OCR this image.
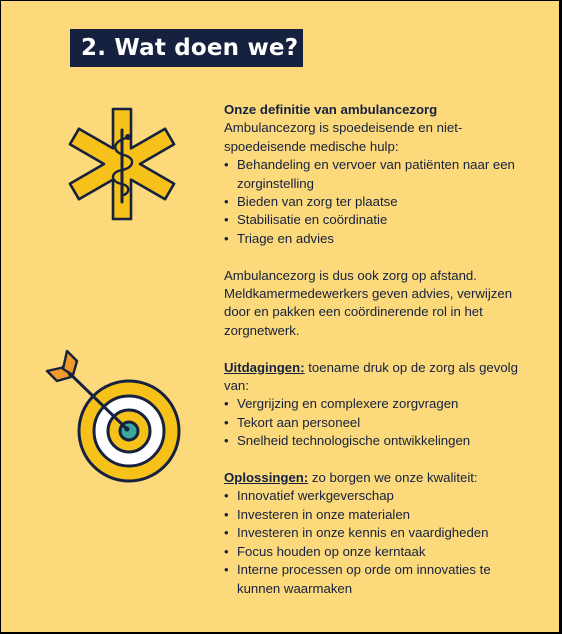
2. Wat doen we?

Onze definitie van ambulancezorg

Ambulancezorg is spoedeisende en niet-spoedeisende medische hulp:

• Behandeling en vervoer van patiënten naar een zorginstelling
• Bieden van zorg ter plaatse
• Stabilisatie en coördinatie
• Triage en advies

Ambulancezorg is dus ook zorg op afstand. Meldkamermedewerkers geven advies, verwijzen door en pakken een coördinerende rol in het zorgnetwerk.

Uitdagingen: toename druk op de zorg als gevolg van:

• Vergrijzing en complexere zorgvragen
• Tekort aan personeel
• Snelheid technologische ontwikkelingen

Oplossingen: zo borgen we onze kwaliteit:

• Innovatief werkgeverschap
• Investeren in onze materialen
• Investeren in onze kennis en vaardigheden
• Focus houden op onze kerntaak
• Interne processen op orde om innovaties te kunnen waarmaken
